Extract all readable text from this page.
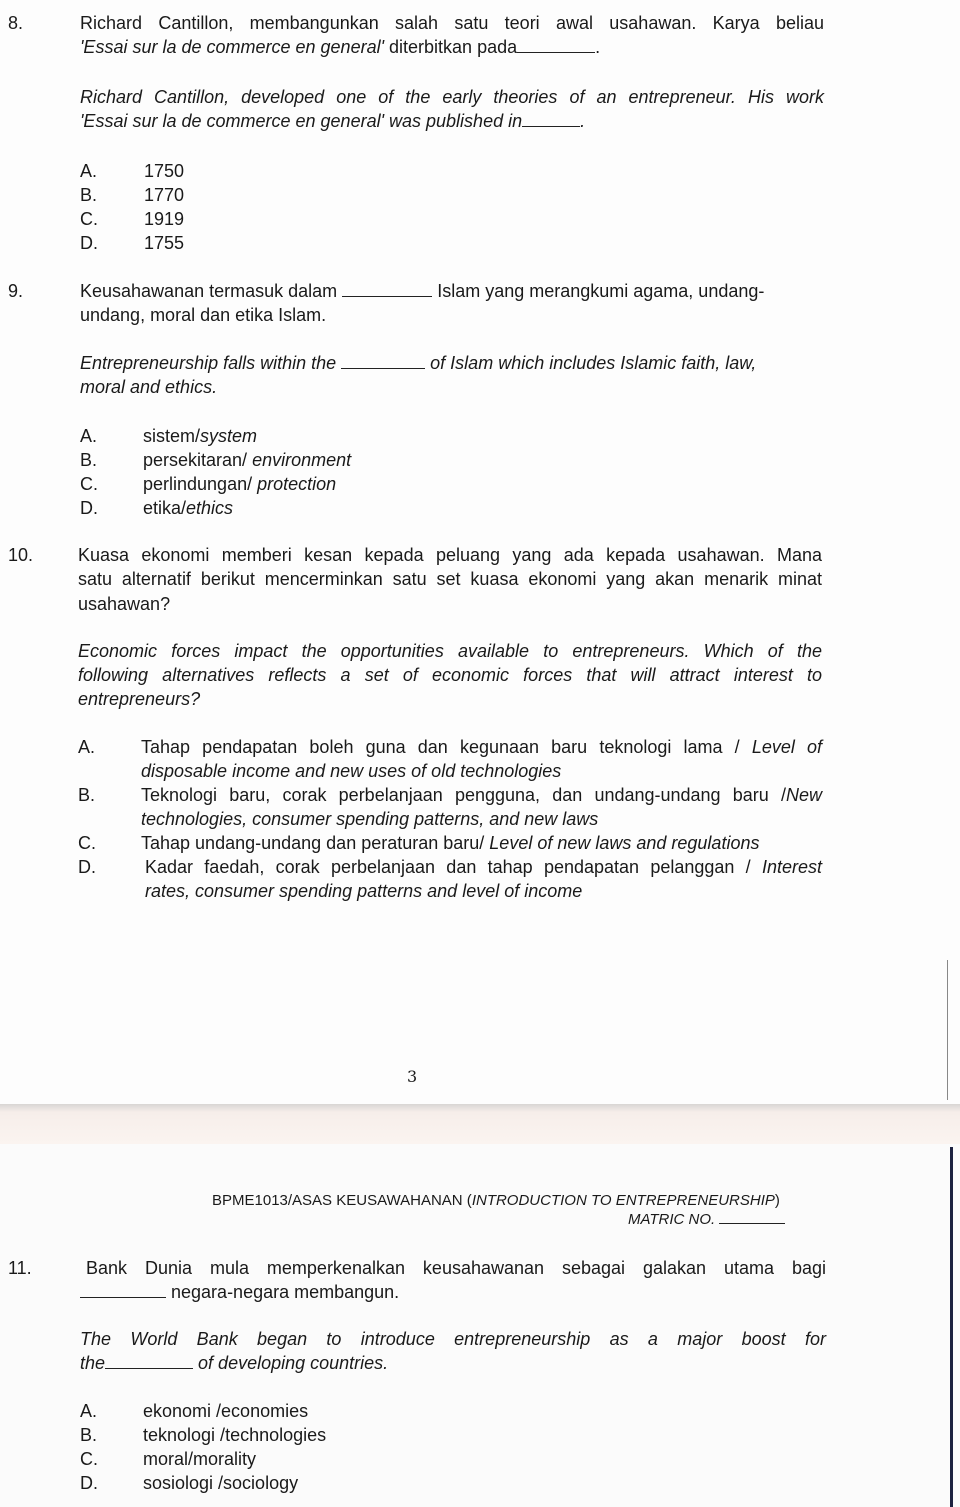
8.	Richard Cantillon, membangunkan salah satu teori awal usahawan. Karya beliau
'Essai sur la de commerce en general' diterbitkan pada	.
Richard Cantillon, developed one of the early theories of an entrepreneur. His work
'Essai sur la de commerce en general' was published in	.
A.	1750
B.	1770
C.	1919
D.	1755
9.	Keusahawanan termasuk dalam	Islam yang merangkumi agama, undang-
undang, moral dan etika Islam.
Entrepreneurship falls within the	of Islam which includes Islamic faith, law,
moral and ethics.
A.	sistem/system
B.	persekitaran/ environment
C.	perlindungan/ protection
D.	etika/ethics
10. Kuasa ekonomi memberi kesan kepada peluang yang ada kepada usahawan. Mana
satu alternatif berikut mencerminkan satu set kuasa ekonomi yang akan menarik minat
usahawan?
Economic forces impact the opportunities available to entrepreneurs. Which of the
following alternatives reflects a set of economic forces that will attract interest to
entrepreneurs?
A.	Tahap pendapatan boleh guna dan kegunaan baru teknologi lama / Level of
disposable income and new uses of old technologies
B.	Teknologi baru, corak perbelanjaan pengguna, dan undang-undang baru /New
technologies, consumer spending patterns, and new laws
C.	Tahap undang-undang dan peraturan baru/ Level of new laws and regulations
D.	Kadar faedah, corak perbelanjaan dan tahap pendapatan pelanggan / Interest
rates, consumer spending patterns and level of income
3
BPME1013/ASAS KEUSAWAHANAN (INTRODUCTION TO ENTREPRENEURSHIP)
MATRIC NO.
11.	Bank Dunia mula memperkenalkan keusahawanan sebagai galakan utama bagi
negara-negara membangun.
The World Bank began to introduce entrepreneurship as a major boost for
the	of developing countries.
A.	ekonomi /economies
B.	teknologi /technologies
C.	moral/morality
D.	sosiologi /sociology
